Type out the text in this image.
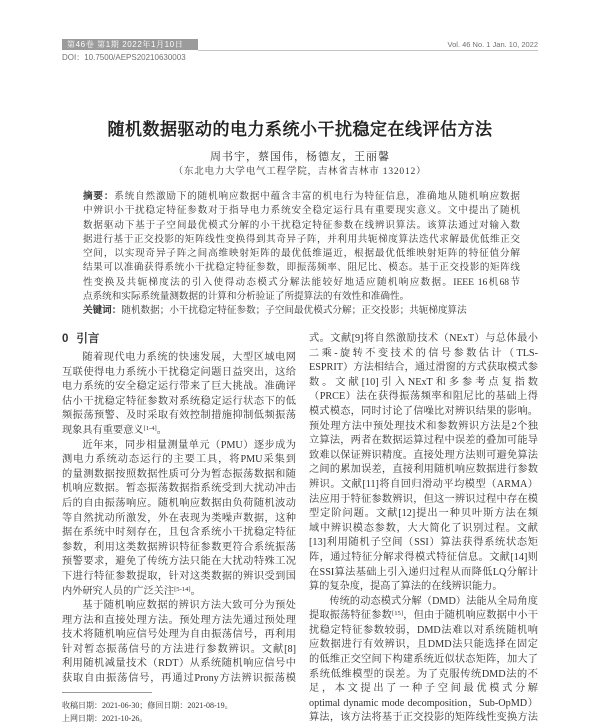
第46卷 第1期 2022年1月10日	Vol. 46 No. 1 Jan. 10, 2022
DOI：10.7500/AEPS20210630003
随机数据驱动的电力系统小干扰稳定在线评估方法
周书宇，蔡国伟，杨德友，王丽馨
（东北电力大学电气工程学院，吉林省吉林市 132012）
摘要：系统自然激励下的随机响应数据中蕴含丰富的机电行为特征信息，准确地从随机响应数据
中辨识小干扰稳定特征参数对于指导电力系统安全稳定运行具有重要现实意义。文中提出了随机
数据驱动下基于子空间最优模式分解的小干扰稳定特征参数在线辨识算法。该算法通过对输入数
据进行基于正交投影的矩阵线性变换得到其奇异子阵，并利用共轭梯度算法迭代求解最优低维正交
空间，以实现奇异子阵之间高维映射矩阵的最优低维逼近，根据最优低维映射矩阵的特征值分解
结果可以准确获得系统小干扰稳定特征参数，即振荡频率、阻尼比、模态。基于正交投影的矩阵线
性变换及共轭梯度法的引入使得动态模式分解法能较好地适应随机响应数据。IEEE 16机68节
点系统和实际系统量测数据的计算和分析验证了所提算法的有效性和准确性。
关键词：随机数据；小干扰稳定特征参数；子空间最优模式分解；正交投影；共轭梯度算法
0 引言
随着现代电力系统的快速发展，大型区域电网
互联使得电力系统小干扰稳定问题日益突出，这给
电力系统的安全稳定运行带来了巨大挑战。准确评
估小干扰稳定特征参数对系统稳定运行状态下的低
频振荡预警、及时采取有效控制措施抑制低频振荡
现象具有重要意义[1-4]。
近年来，同步相量测量单元（PMU）逐步成为
测电力系统动态运行的主要工具，将PMU采集到
的量测数据按照数据性质可分为暂态振荡数据和随
机响应数据。暂态振荡数据指系统受到大扰动冲击
后的自由振荡响应。随机响应数据由负荷随机波动
等自然扰动所激发，外在表现为类噪声数据，这种
据在系统中时刻存在，且包含系统小干扰稳定特征
参数，利用这类数据辨识特征参数更符合系统振荡
预警要求，避免了传统方法只能在大扰动特殊工况
下进行特征参数提取，针对这类数据的辨识受到国
内外研究人员的广泛关注[5-14]。
基于随机响应数据的辨识方法大致可分为预处
理方法和直接处理方法。预处理方法先通过预处理
技术将随机响应信号处理为自由振荡信号，再利用
针对暂态振荡信号的方法进行参数辨识。文献[8]
利用随机减量技术（RDT）从系统随机响应信号中
获取自由振荡信号，再通过Prony方法辨识振荡模
式。文献[9]将自然激励技术（NExT）与总体最小
二乘-旋转不变技术的信号参数估计（TLS-
ESPRIT）方法相结合，通过滑窗的方式获取模式参
数。文献[10]引入NExT和多参考点复指数
（PRCE）法在获得振荡频率和阻尼比的基础上得
模式模态，同时讨论了信噪比对辨识结果的影响。
预处理方法中预处理技术和参数辨识方法是2个独
立算法，两者在数据运算过程中误差的叠加可能导
致难以保证辨识精度。直接处理方法则可避免算法
之间的累加误差，直接利用随机响应数据进行参数
辨识。文献[11]将自回归滑动平均模型（ARMA）
法应用于特征参数辨识，但这一辨识过程中存在模
型定阶问题。文献[12]提出一种贝叶斯方法在频
域中辨识模态参数，大大简化了识别过程。文献
[13]利用随机子空间（SSI）算法获得系统状态矩
阵，通过特征分解求得模式特征信息。文献[14]则
在SSI算法基础上引入递归过程从而降低LQ分解计
算的复杂度，提高了算法的在线辨识能力。
传统的动态模式分解（DMD）法能从全局角度
提取振荡特征参数[15]，但由于随机响应数据中小干
扰稳定特征参数较弱，DMD法难以对系统随机响
应数据进行有效辨识，且DMD法只能选择在固定
的低维正交空间下构建系统近似状态矩阵，加大了
系统低维模型的误差。为了克服传统DMD法的不
足，本文提出了一种子空间最优模式分解
optimal dynamic mode decomposition，Sub-OpMD）
算法，该方法将基于正交投影的矩阵线性变换方法
收稿日期：2021-06-30；修回日期：2021-08-19。
上网日期：2021-10-26。
